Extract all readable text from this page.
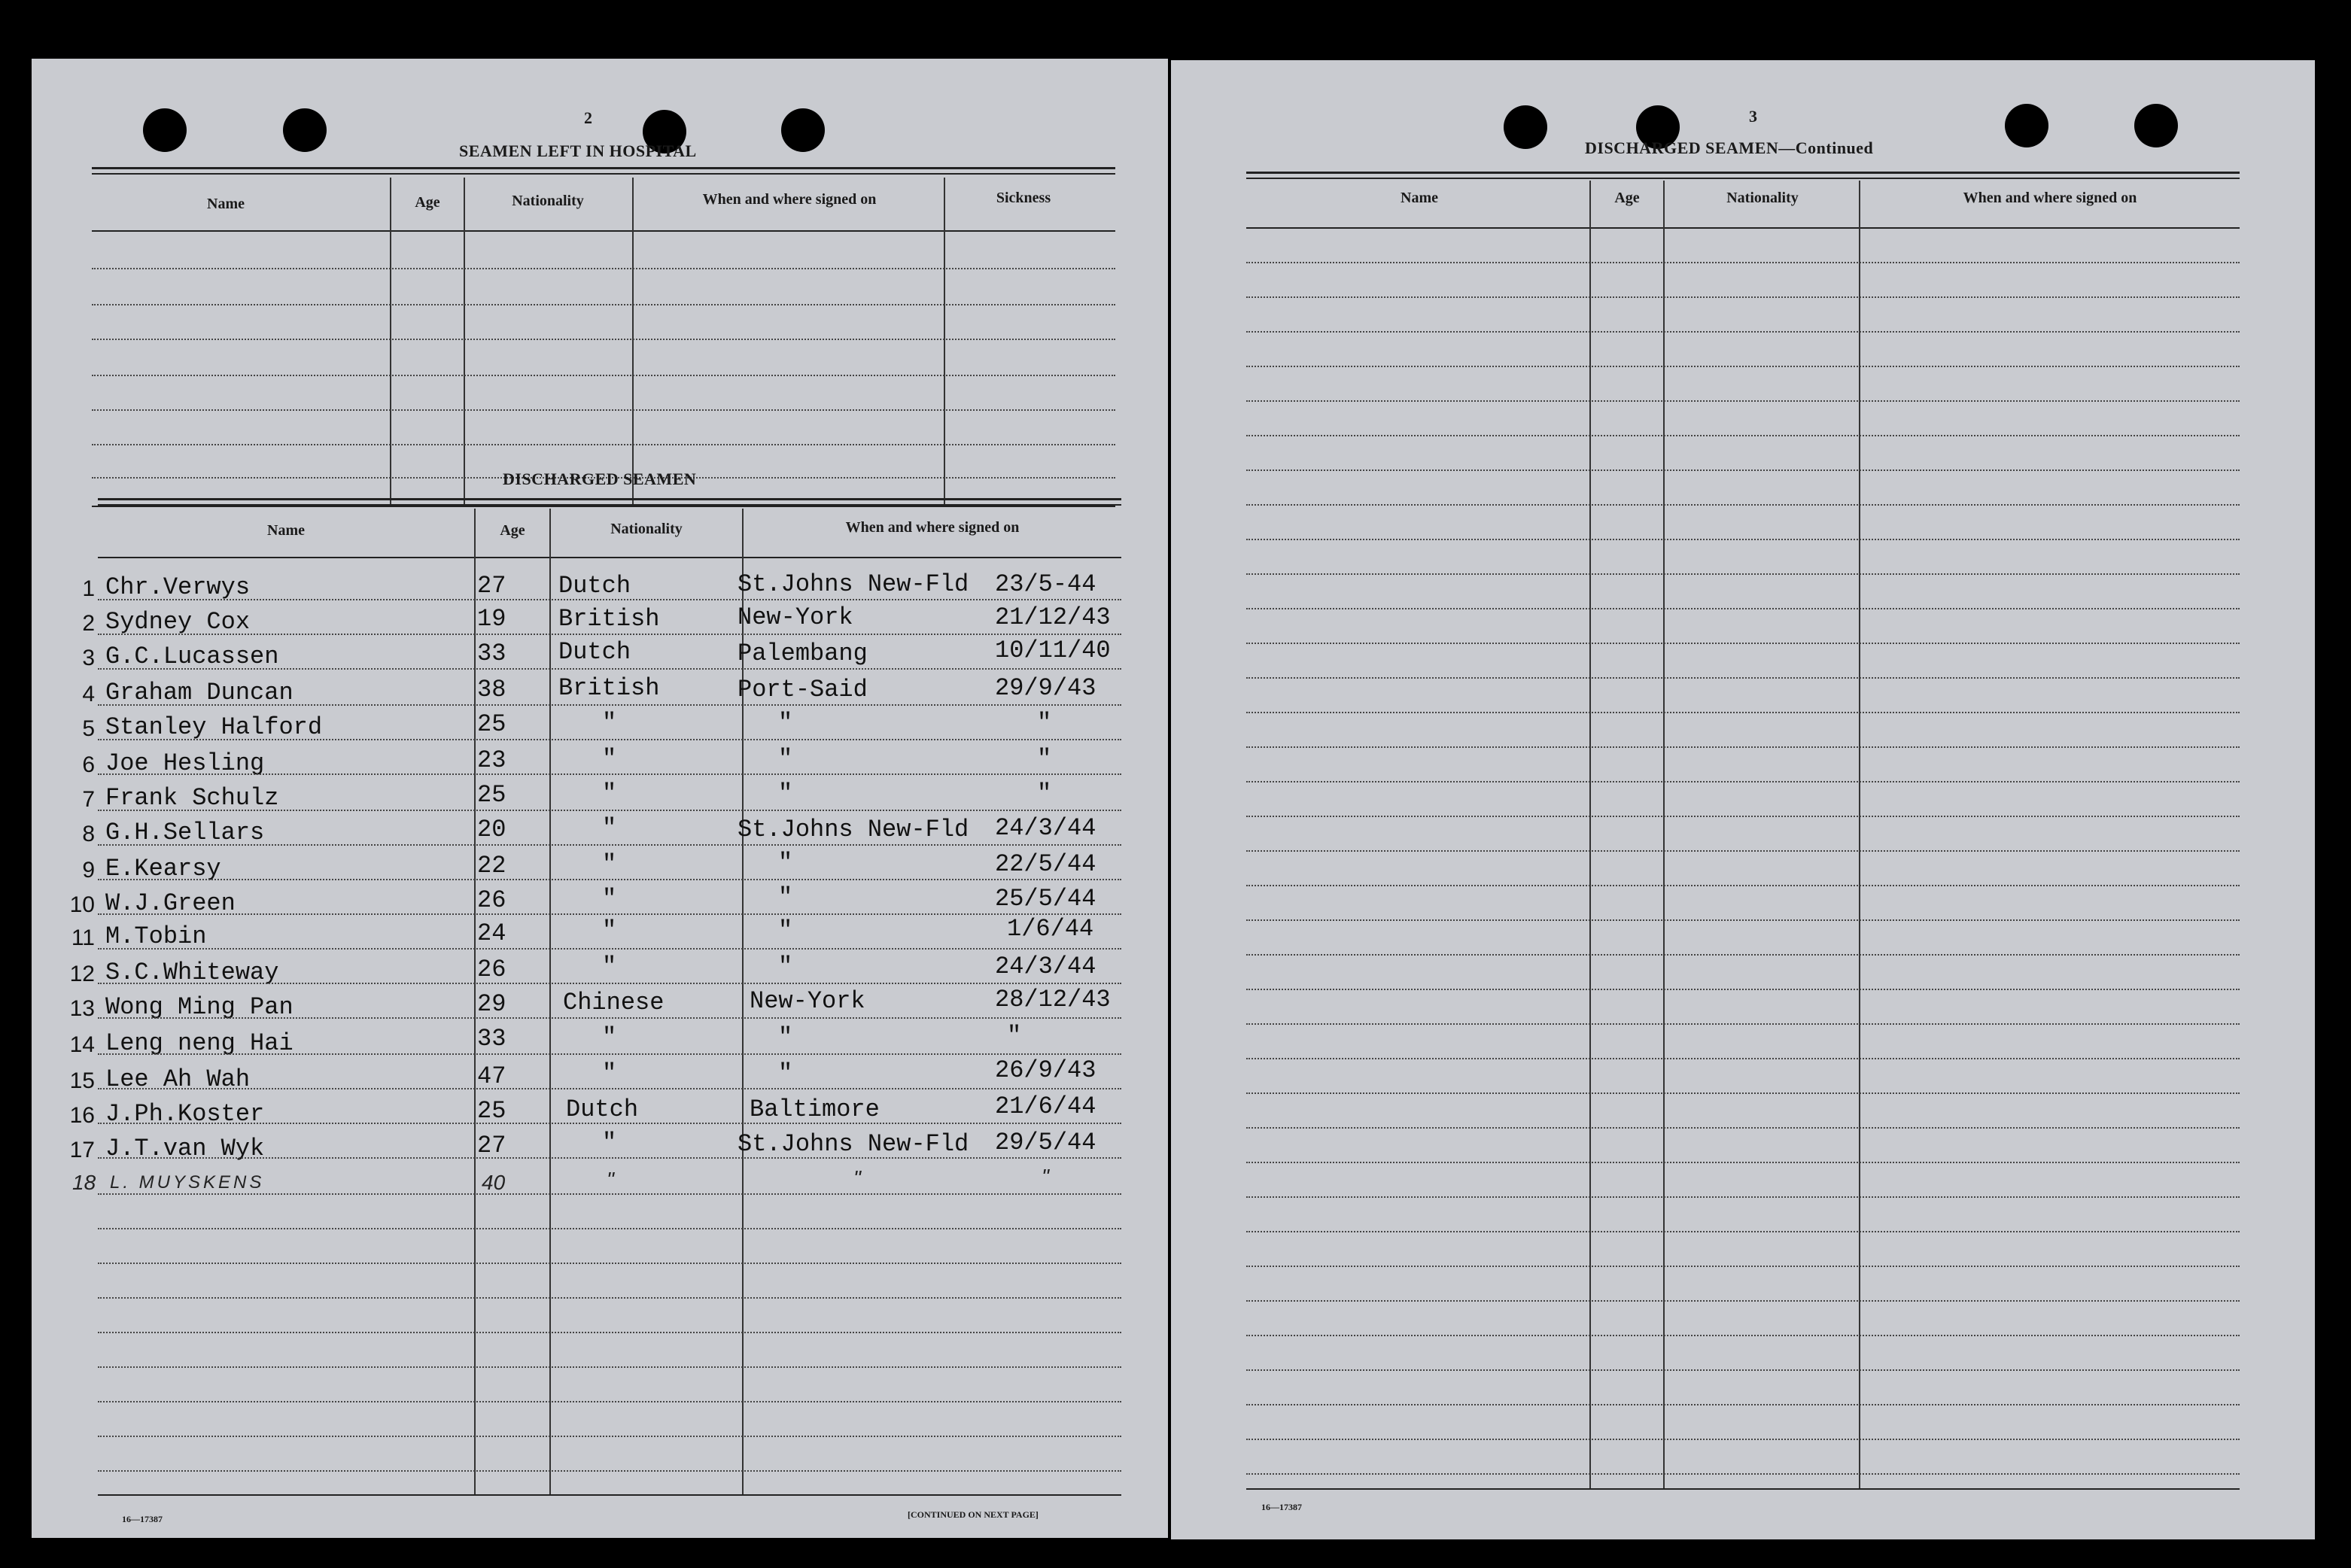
2
SEAMEN LEFT IN HOSPITAL
Name	Age	Nationality	When and where signed on	Sickness
DISCHARGED SEAMEN
Name	Age	Nationality	When and where signed on
1 Chr.Verwys	27 Dutch	St.Johns New-Fld 23/5-44
2 Sydney Cox	19 British	New-York	21/12/43
3 G.C.Lucassen	33 Dutch	Palembang	10/11/40
4 Graham Duncan	38 British	Port-Said	29/9/43
5 Stanley Halford	25	"	"	"
6 Joe Hesling	23	"	"	"
7 Frank Schulz	25	"	"	"
8 G.H.Sellars	20	"	St.Johns New-Fld 24/3/44
9 E.Kearsy	22	"	"	22/5/44
10 W.J.Green	26	"	"	25/5/44
11 M.Tobin	24	"	"	1/6/44
12 S.C.Whiteway	26	"	"	24/3/44
13 Wong Ming Pan	29 Chinese	New-York	28/12/43
14 Leng neng Hai	33	"	"	"
15 Lee Ah Wah	47	"	"	26/9/43
16 J.Ph.Koster	25 Dutch	Baltimore	21/6/44
17 J.T.van Wyk	27	"	St.Johns New-Fld 29/5/44
18 L. MUYSKENS	40	"	"	"
16—17387	[CONTINUED ON NEXT PAGE]
3
DISCHARGED SEAMEN—Continued
Name	Age	Nationality	When and where signed on
16—17387
